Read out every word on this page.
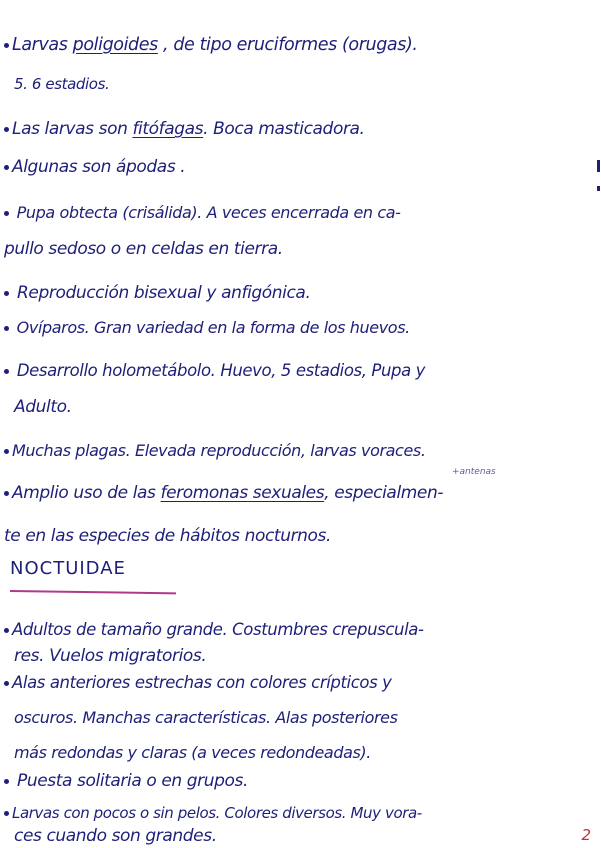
Larvas poligoides , de tipo eruciformes (orugas).
5. 6 estadios.
Las larvas son fitófagas. Boca masticadora.
Algunas son ápodas .
Pupa obtecta (crisálida). A veces encerrada en ca-
pullo sedoso o en celdas en tierra.
Reproducción bisexual y anfigónica.
Ovíparos. Gran variedad en la forma de los huevos.
Desarrollo holometábolo. Huevo, 5 estadios, Pupa y
Adulto.
Muchas plagas. Elevada reproducción, larvas voraces.
Amplio uso de las feromonas sexuales, especialmen-
te en las especies de hábitos nocturnos.
+antenas
NOCTUIDAE
Adultos de tamaño grande. Costumbres crepuscula-
res. Vuelos migratorios.
Alas anteriores estrechas con colores crípticos y
oscuros. Manchas características. Alas posteriores
más redondas y claras (a veces redondeadas).
Puesta solitaria o en grupos.
Larvas con pocos o sin pelos. Colores diversos. Muy vora-
ces cuando son grandes.	2
